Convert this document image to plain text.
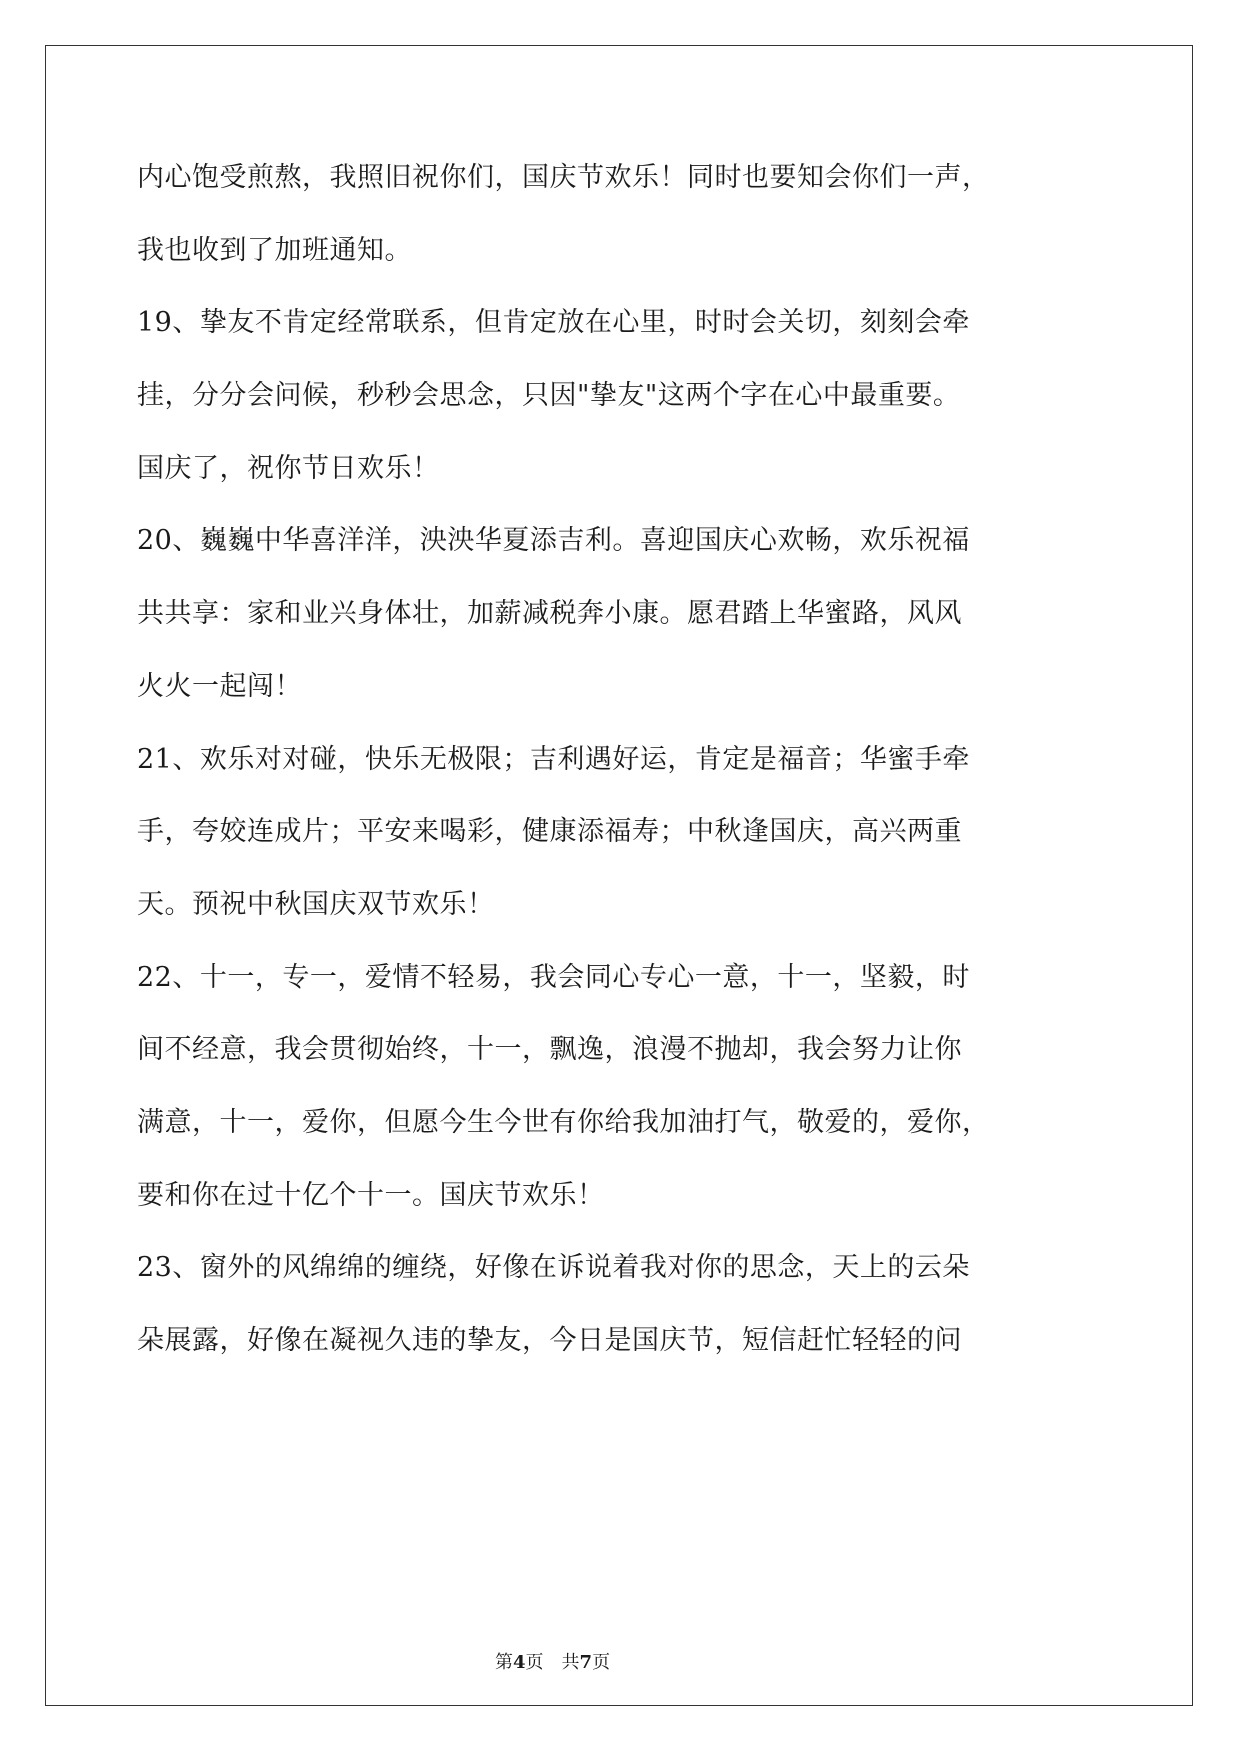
内心饱受煎熬，我照旧祝你们，国庆节欢乐！同时也要知会你们一声，
我也收到了加班通知。
19、挚友不肯定经常联系，但肯定放在心里，时时会关切，刻刻会牵
挂，分分会问候，秒秒会思念，只因"挚友"这两个字在心中最重要。
国庆了，祝你节日欢乐！
20、巍巍中华喜洋洋，泱泱华夏添吉利。喜迎国庆心欢畅，欢乐祝福
共共享：家和业兴身体壮，加薪减税奔小康。愿君踏上华蜜路，风风
火火一起闯！
21、欢乐对对碰，快乐无极限；吉利遇好运，肯定是福音；华蜜手牵
手，夸姣连成片；平安来喝彩，健康添福寿；中秋逢国庆，高兴两重
天。预祝中秋国庆双节欢乐！
22、十一，专一，爱情不轻易，我会同心专心一意，十一，坚毅，时
间不经意，我会贯彻始终，十一，飘逸，浪漫不抛却，我会努力让你
满意，十一，爱你，但愿今生今世有你给我加油打气，敬爱的，爱你，
要和你在过十亿个十一。国庆节欢乐！
23、窗外的风绵绵的缠绕，好像在诉说着我对你的思念，天上的云朵
朵展露，好像在凝视久违的挚友，今日是国庆节，短信赶忙轻轻的问
第4页 共7页
